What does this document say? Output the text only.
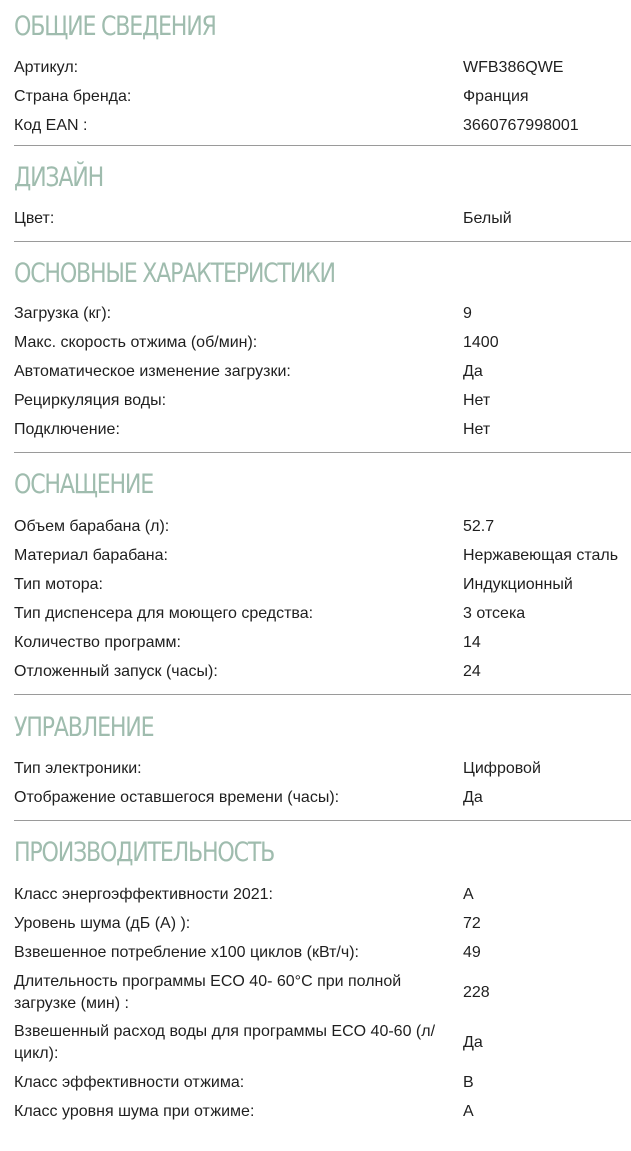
ОБЩИЕ СВЕДЕНИЯ
Артикул:	WFB386QWE
Страна бренда:	Франция
Код EAN :	3660767998001
ДИЗАЙН
Цвет:	Белый
ОСНОВНЫЕ ХАРАКТЕРИСТИКИ
Загрузка (кг):	9
Макс. скорость отжима (об/мин):	1400
Автоматическое изменение загрузки:	Да
Рециркуляция воды:	Нет
Подключение:	Нет
ОСНАЩЕНИЕ
Объем барабана (л):	52.7
Материал барабана:	Нержавеющая сталь
Тип мотора:	Индукционный
Тип диспенсера для моющего средства:	3 отсека
Количество программ:	14
Отложенный запуск (часы):	24
УПРАВЛЕНИЕ
Тип электроники:	Цифровой
Отображение оставшегося времени (часы):	Да
ПРОИЗВОДИТЕЛЬНОСТЬ
Класс энергоэффективности 2021:	A
Уровень шума (дБ (А) ):	72
Взвешенное потребление x100 циклов (кВт/ч):	49
Длительность программы ECO 40- 60°C при полной загрузке (мин) :
228
Взвешенный расход воды для программы ECO 40-60 (л/цикл):
Да
Класс эффективности отжима:	B
Класс уровня шума при отжиме:	A
